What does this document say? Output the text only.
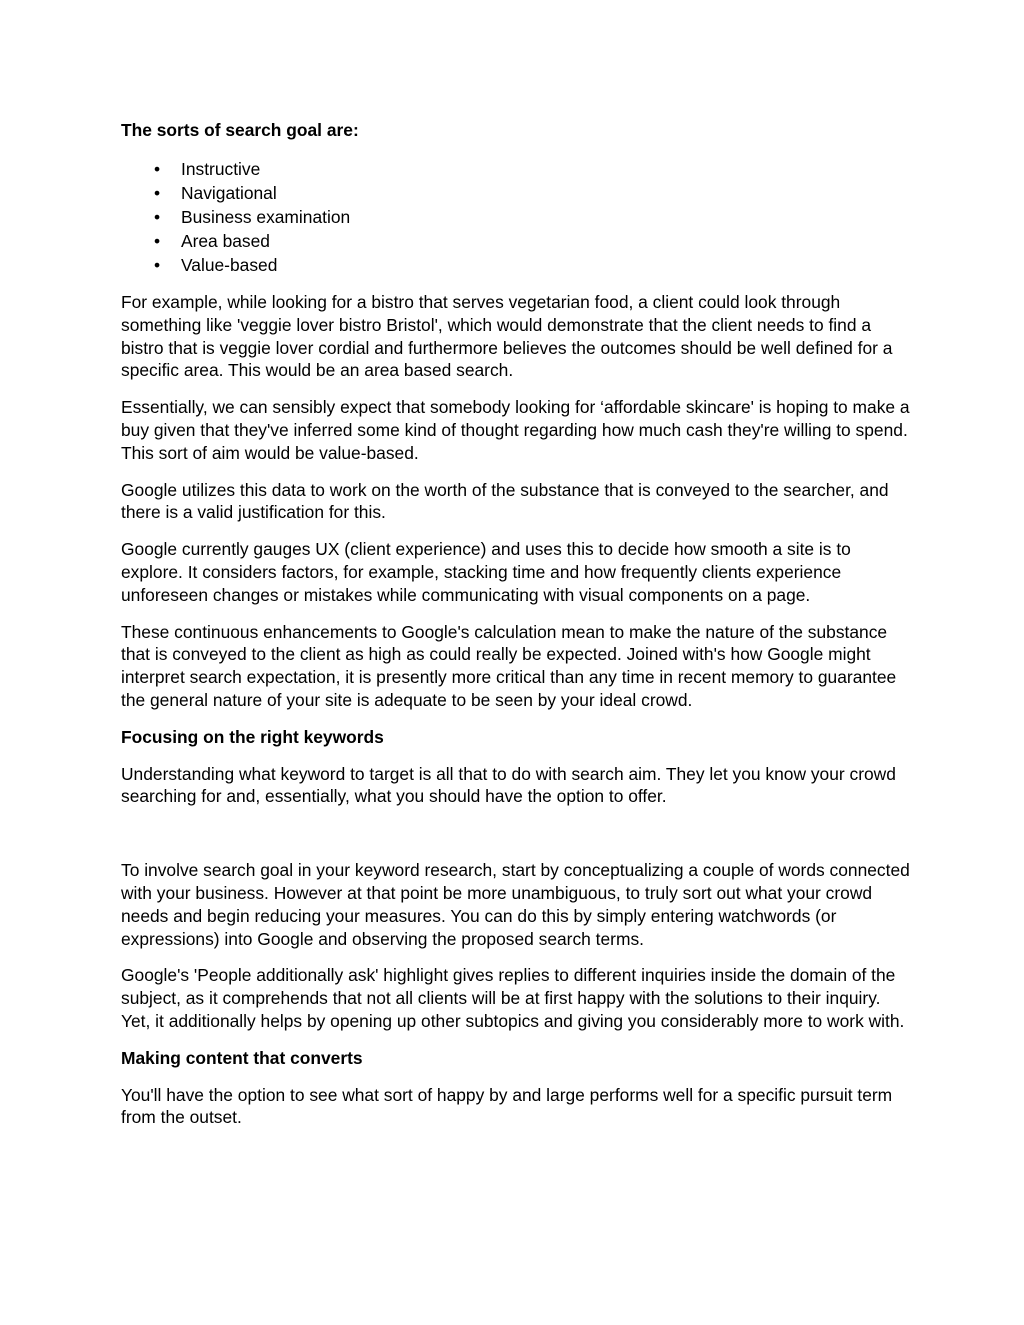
The sorts of search goal are:

• Instructive
• Navigational
• Business examination
• Area based
• Value-based

For example, while looking for a bistro that serves vegetarian food, a client could look through something like 'veggie lover bistro Bristol', which would demonstrate that the client needs to find a bistro that is veggie lover cordial and furthermore believes the outcomes should be well defined for a specific area. This would be an area based search.

Essentially, we can sensibly expect that somebody looking for ‘affordable skincare' is hoping to make a buy given that they've inferred some kind of thought regarding how much cash they're willing to spend. This sort of aim would be value-based.

Google utilizes this data to work on the worth of the substance that is conveyed to the searcher, and there is a valid justification for this.

Google currently gauges UX (client experience) and uses this to decide how smooth a site is to explore. It considers factors, for example, stacking time and how frequently clients experience unforeseen changes or mistakes while communicating with visual components on a page.

These continuous enhancements to Google's calculation mean to make the nature of the substance that is conveyed to the client as high as could really be expected. Joined with's how Google might interpret search expectation, it is presently more critical than any time in recent memory to guarantee the general nature of your site is adequate to be seen by your ideal crowd.

Focusing on the right keywords

Understanding what keyword to target is all that to do with search aim. They let you know your crowd searching for and, essentially, what you should have the option to offer.

To involve search goal in your keyword research, start by conceptualizing a couple of words connected with your business. However at that point be more unambiguous, to truly sort out what your crowd needs and begin reducing your measures. You can do this by simply entering watchwords (or expressions) into Google and observing the proposed search terms.

Google's 'People additionally ask' highlight gives replies to different inquiries inside the domain of the subject, as it comprehends that not all clients will be at first happy with the solutions to their inquiry. Yet, it additionally helps by opening up other subtopics and giving you considerably more to work with.

Making content that converts

You'll have the option to see what sort of happy by and large performs well for a specific pursuit term from the outset.
